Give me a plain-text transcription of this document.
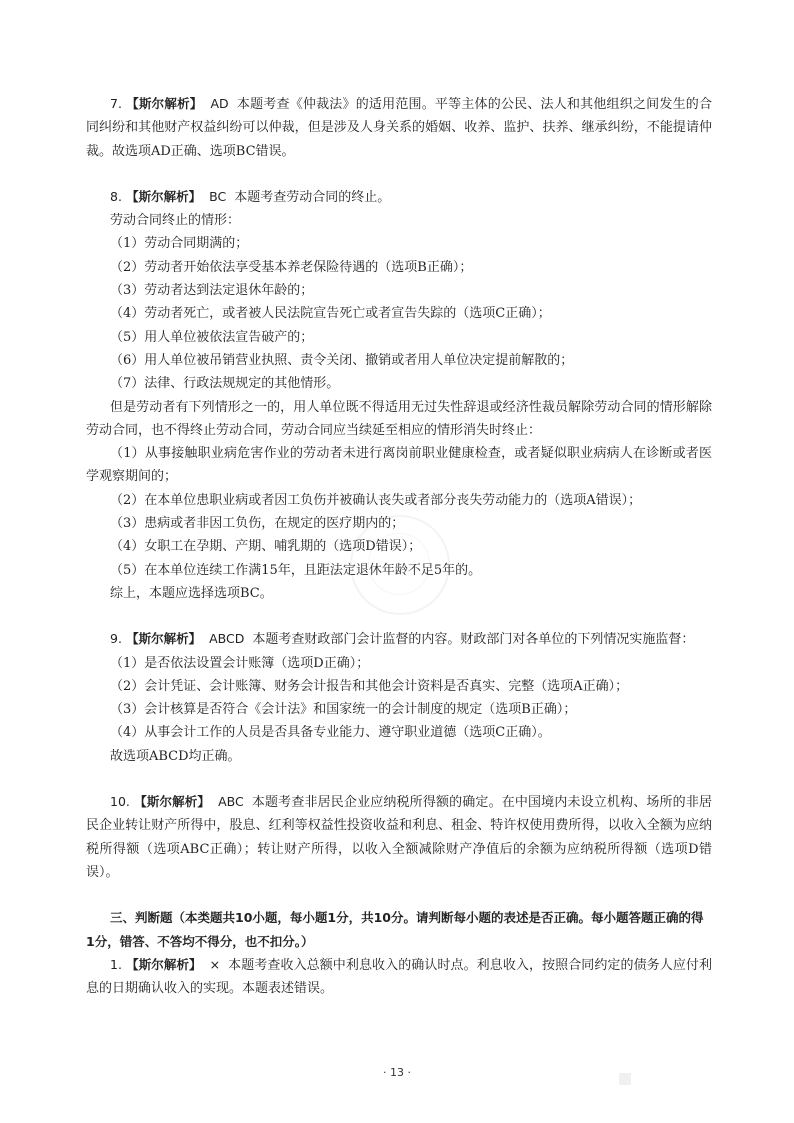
7. 【斯尔解析】 AD 本题考查《仲裁法》的适用范围。平等主体的公民、法人和其他组织之间发生的合同纠纷和其他财产权益纠纷可以仲裁，但是涉及人身关系的婚姻、收养、监护、扶养、继承纠纷，不能提请仲裁。故选项AD正确、选项BC错误。

8. 【斯尔解析】 BC 本题考查劳动合同的终止。

劳动合同终止的情形：

（1）劳动合同期满的；

（2）劳动者开始依法享受基本养老保险待遇的（选项B正确）；

（3）劳动者达到法定退休年龄的；

（4）劳动者死亡，或者被人民法院宣告死亡或者宣告失踪的（选项C正确）；

（5）用人单位被依法宣告破产的；

（6）用人单位被吊销营业执照、责令关闭、撤销或者用人单位决定提前解散的；

（7）法律、行政法规规定的其他情形。

但是劳动者有下列情形之一的，用人单位既不得适用无过失性辞退或经济性裁员解除劳动合同的情形解除劳动合同，也不得终止劳动合同，劳动合同应当续延至相应的情形消失时终止：

（1）从事接触职业病危害作业的劳动者未进行离岗前职业健康检查，或者疑似职业病病人在诊断或者医学观察期间的；

（2）在本单位患职业病或者因工负伤并被确认丧失或者部分丧失劳动能力的（选项A错误）；

（3）患病或者非因工负伤，在规定的医疗期内的；

（4）女职工在孕期、产期、哺乳期的（选项D错误）；

（5）在本单位连续工作满15年，且距法定退休年龄不足5年的。

综上，本题应选择选项BC。

9. 【斯尔解析】 ABCD 本题考查财政部门会计监督的内容。财政部门对各单位的下列情况实施监督：

（1）是否依法设置会计账簿（选项D正确）；

（2）会计凭证、会计账簿、财务会计报告和其他会计资料是否真实、完整（选项A正确）；

（3）会计核算是否符合《会计法》和国家统一的会计制度的规定（选项B正确）；

（4）从事会计工作的人员是否具备专业能力、遵守职业道德（选项C正确）。

故选项ABCD均正确。

10. 【斯尔解析】 ABC 本题考查非居民企业应纳税所得额的确定。在中国境内未设立机构、场所的非居民企业转让财产所得中，股息、红利等权益性投资收益和利息、租金、特许权使用费所得，以收入全额为应纳税所得额（选项ABC正确）；转让财产所得，以收入全额减除财产净值后的余额为应纳税所得额（选项D错误）。

三、判断题（本类题共10小题，每小题1分，共10分。请判断每小题的表述是否正确。每小题答题正确的得1分，错答、不答均不得分，也不扣分。）

1. 【斯尔解析】 × 本题考查收入总额中利息收入的确认时点。利息收入，按照合同约定的债务人应付利息的日期确认收入的实现。本题表述错误。

· 13 ·
